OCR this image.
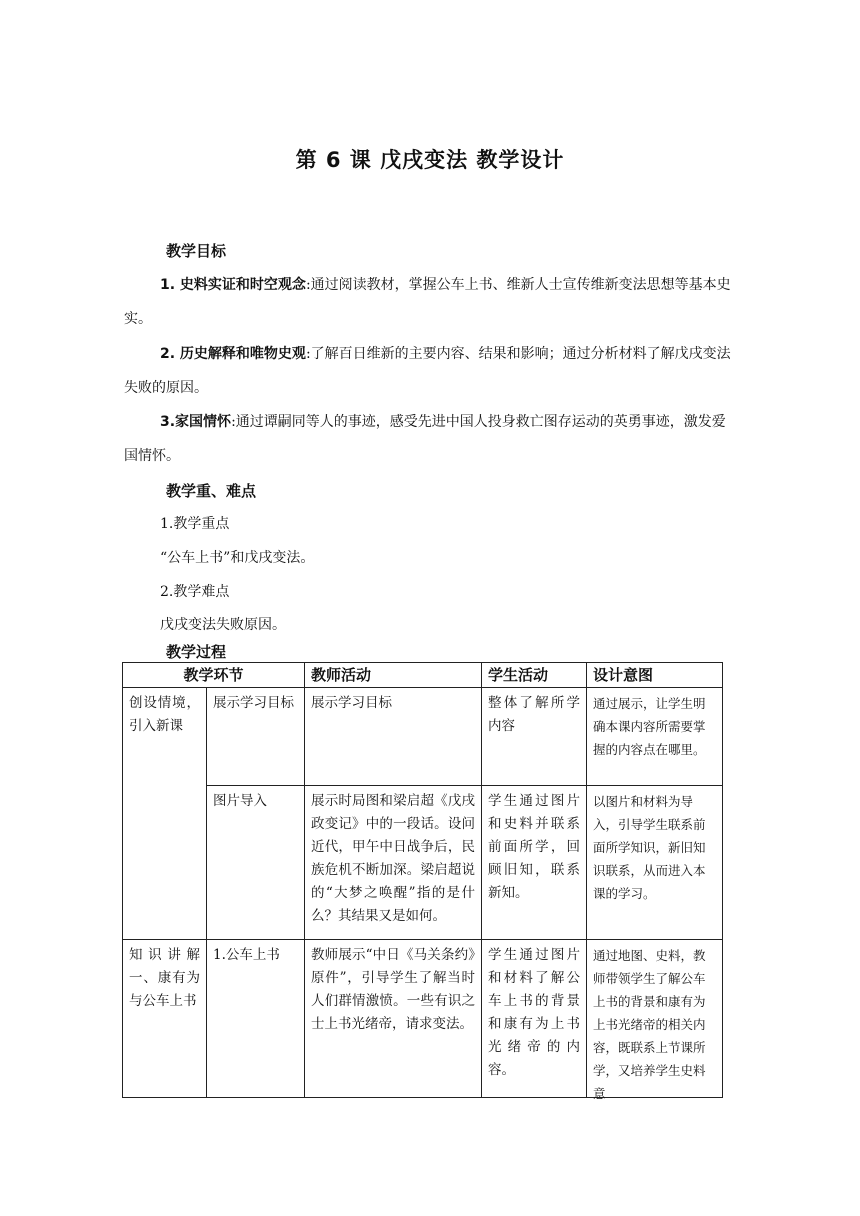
第 6 课 戊戌变法 教学设计
教学目标
1. 史料实证和时空观念:通过阅读教材，掌握公车上书、维新人士宣传维新变法思想等基本史实。
2. 历史解释和唯物史观:了解百日维新的主要内容、结果和影响；通过分析材料了解戊戌变法失败的原因。
3.家国情怀:通过谭嗣同等人的事迹，感受先进中国人投身救亡图存运动的英勇事迹，激发爱国情怀。
教学重、难点
1.教学重点
“公车上书”和戊戌变法。
2.教学难点
戊戌变法失败原因。
教学过程
教学环节		教师活动	学生活动	设计意图
创设情境，引入新课	展示学习目标	展示学习目标	整体了解所学内容	通过展示，让学生明确本课内容所需要掌握的内容点在哪里。
	图片导入	展示时局图和梁启超《戊戌政变记》中的一段话。设问近代，甲午中日战争后，民族危机不断加深。梁启超说的“大梦之唤醒”指的是什么？其结果又是如何。	学生通过图片和史料并联系前面所学，回顾旧知，联系新知。	以图片和材料为导入，引导学生联系前面所学知识，新旧知识联系，从而进入本课的学习。
知识讲解一、康有为与公车上书	1.公车上书	教师展示“中日《马关条约》原件”，引导学生了解当时人们群情激愤。一些有识之士上书光绪帝，请求变法。	学生通过图片和材料了解公车上书的背景和康有为上书光绪帝的内容。	通过地图、史料，教师带领学生了解公车上书的背景和康有为上书光绪帝的相关内容，既联系上节课所学，又培养学生史料意
